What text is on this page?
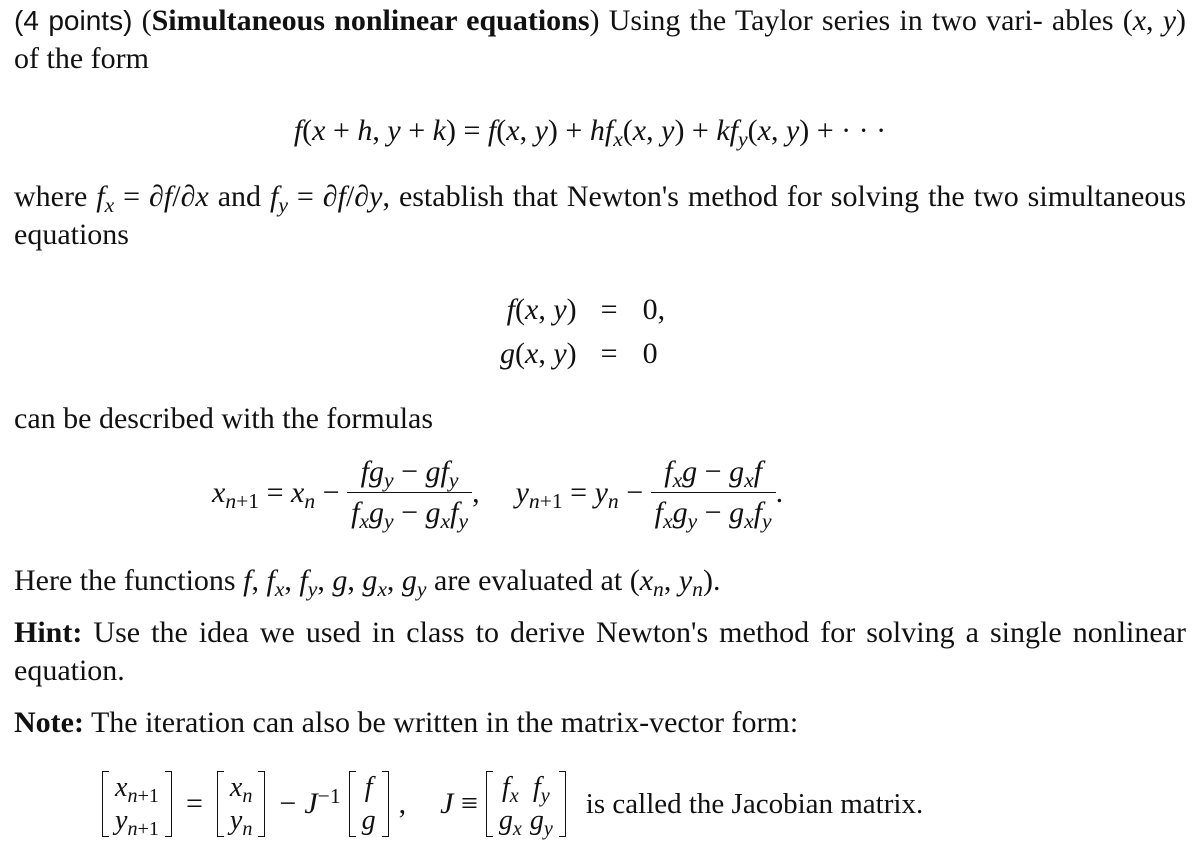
(4 points) (Simultaneous nonlinear equations) Using the Taylor series in two vari- ables (x, y) of the form
f(x + h, y + k) = f(x, $y) + hf_x(x$, $y) + kf_y(x$, y) + · · ·
where $f_x = \partial f/\partial x$ and $f_y = \partial f/\partial y$, establish that Newton's method for solving the two simultaneous equations
f(x, y)	=	0,
g(x, y)	=	0
can be described with the formulas
$x_{n+1} = x_n - \frac{fg_y - gf_y}{f_xg_y - g_xf_y}$ , $y_{n+1} = y_n - \frac{f_xg - g_xf}{f_xg_y - g_xf_y}$ .
Here the functions f, $f_x$, $f_y$, g, $g_x$, $g_y$ are evaluated at ($x_n$, $y_n$).
Hint: Use the idea we used in class to derive Newton's method for solving a single nonlinear equation.
Note: The iteration can also be written in the matrix-vector form:
$x_{n+1}$
$y_{n+1}$
= $x_n$
$y_n$
− $J^{-1}$ f
g
, $J \equiv f_x$	$f_y$
$g_x$	$g_y$
is called the Jacobian matrix.
